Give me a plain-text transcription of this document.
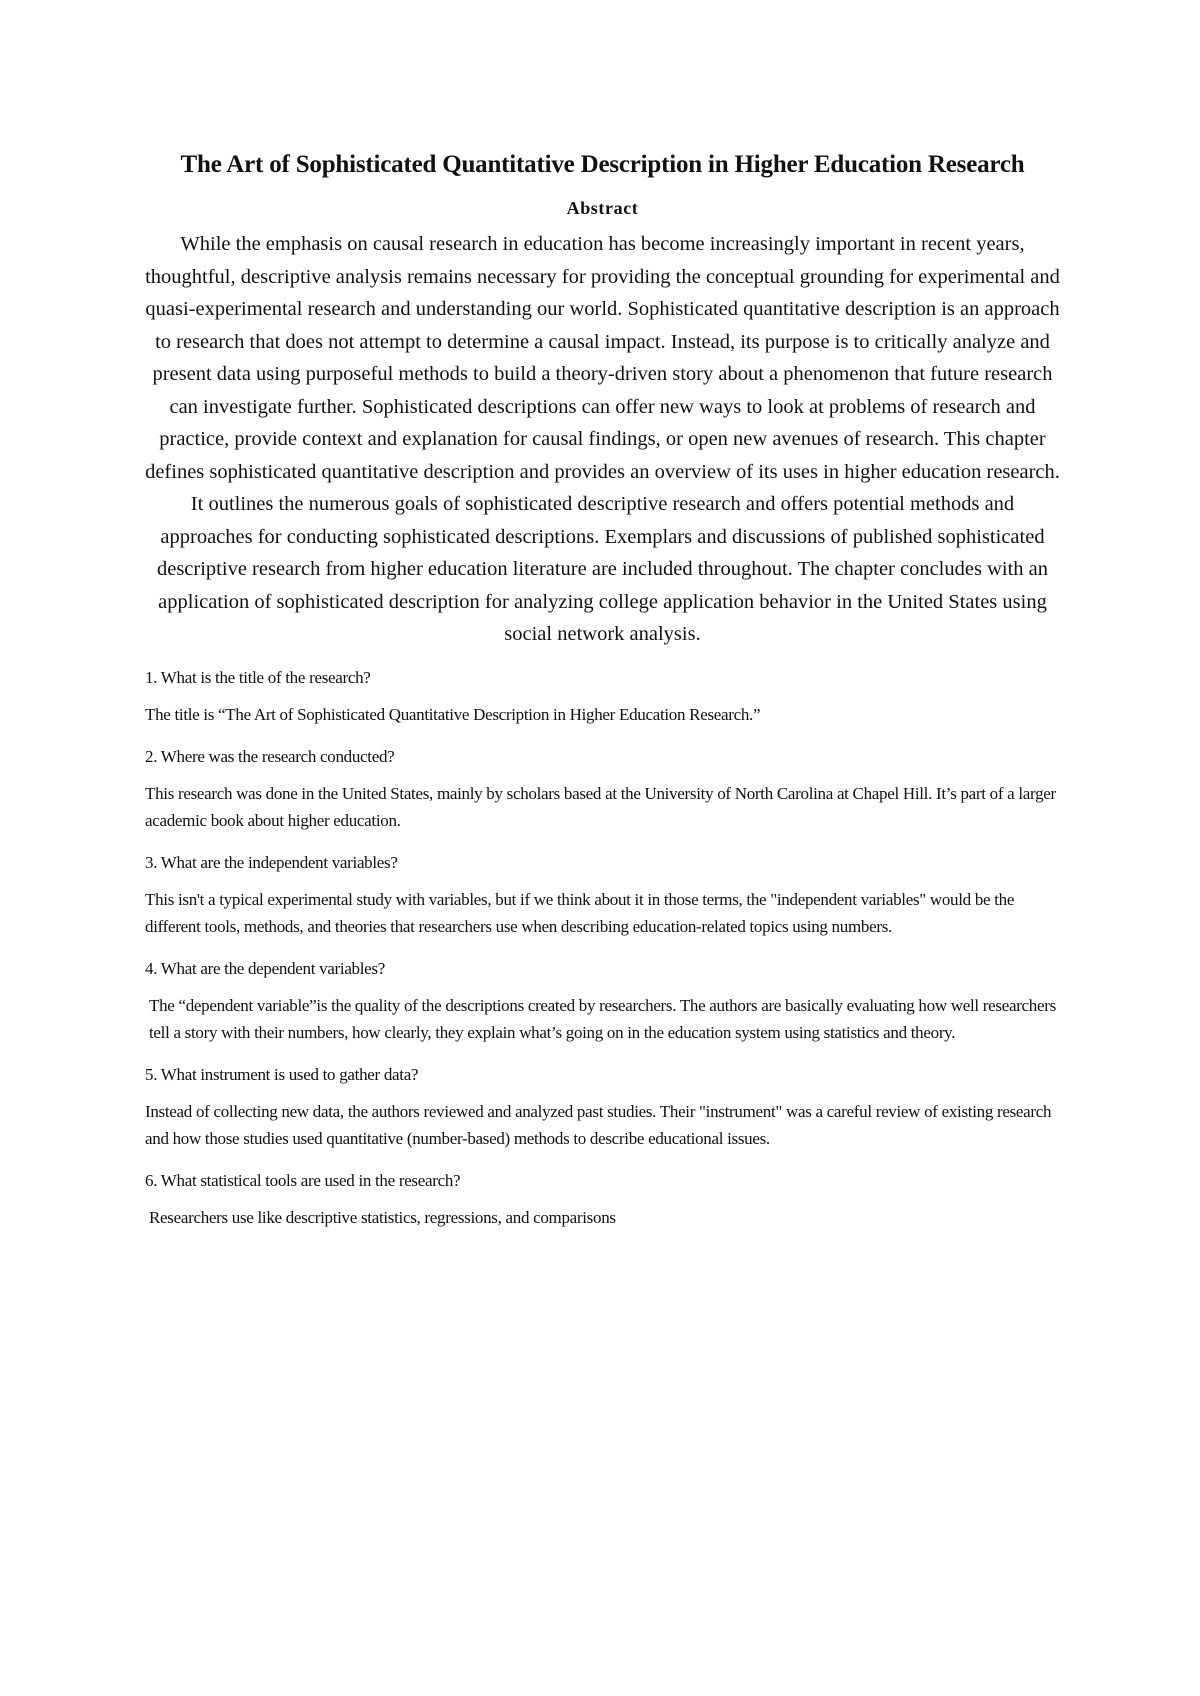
The Art of Sophisticated Quantitative Description in Higher Education Research
Abstract

While the emphasis on causal research in education has become increasingly important in recent years, thoughtful, descriptive analysis remains necessary for providing the conceptual grounding for experimental and quasi-experimental research and understanding our world. Sophisticated quantitative description is an approach to research that does not attempt to determine a causal impact. Instead, its purpose is to critically analyze and present data using purposeful methods to build a theory-driven story about a phenomenon that future research can investigate further. Sophisticated descriptions can offer new ways to look at problems of research and practice, provide context and explanation for causal findings, or open new avenues of research. This chapter defines sophisticated quantitative description and provides an overview of its uses in higher education research. It outlines the numerous goals of sophisticated descriptive research and offers potential methods and approaches for conducting sophisticated descriptions. Exemplars and discussions of published sophisticated descriptive research from higher education literature are included throughout. The chapter concludes with an application of sophisticated description for analyzing college application behavior in the United States using social network analysis.

1. What is the title of the research?

The title is “The Art of Sophisticated Quantitative Description in Higher Education Research.”

2. Where was the research conducted?

This research was done in the United States, mainly by scholars based at the University of North Carolina at Chapel Hill. It’s part of a larger academic book about higher education.

3. What are the independent variables?

This isn't a typical experimental study with variables, but if we think about it in those terms, the "independent variables" would be the different tools, methods, and theories that researchers use when describing education-related topics using numbers.

4. What are the dependent variables?

The “dependent variable”is the quality of the descriptions created by researchers. The authors are basically evaluating how well researchers tell a story with their numbers, how clearly, they explain what’s going on in the education system using statistics and theory.

5. What instrument is used to gather data?

Instead of collecting new data, the authors reviewed and analyzed past studies. Their "instrument" was a careful review of existing research and how those studies used quantitative (number-based) methods to describe educational issues.

6. What statistical tools are used in the research?

Researchers use like descriptive statistics, regressions, and comparisons
